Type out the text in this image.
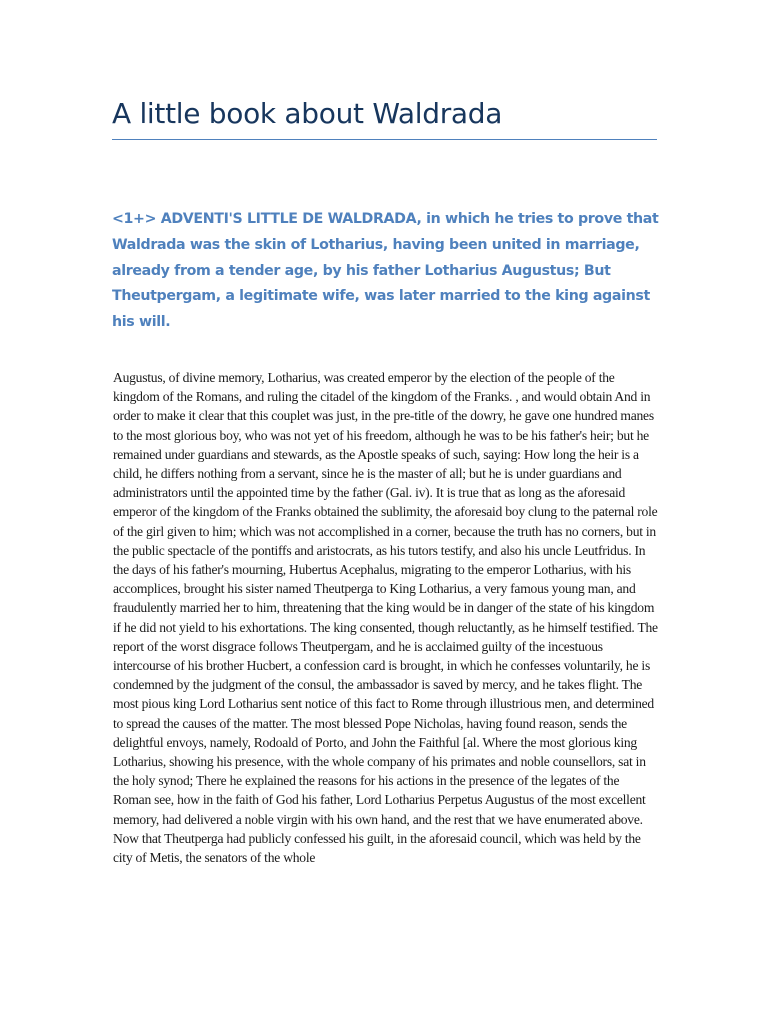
A little book about Waldrada
<1+> ADVENTI'S LITTLE DE WALDRADA, in which he tries to prove that Waldrada was the skin of Lotharius, having been united in marriage, already from a tender age, by his father Lotharius Augustus; But Theutpergam, a legitimate wife, was later married to the king against his will.

Augustus, of divine memory, Lotharius, was created emperor by the election of the people of the kingdom of the Romans, and ruling the citadel of the kingdom of the Franks. , and would obtain And in order to make it clear that this couplet was just, in the pre-title of the dowry, he gave one hundred manes to the most glorious boy, who was not yet of his freedom, although he was to be his father's heir; but he remained under guardians and stewards, as the Apostle speaks of such, saying: How long the heir is a child, he differs nothing from a servant, since he is the master of all; but he is under guardians and administrators until the appointed time by the father (Gal. iv). It is true that as long as the aforesaid emperor of the kingdom of the Franks obtained the sublimity, the aforesaid boy clung to the paternal role of the girl given to him; which was not accomplished in a corner, because the truth has no corners, but in the public spectacle of the pontiffs and aristocrats, as his tutors testify, and also his uncle Leutfridus. In the days of his father's mourning, Hubertus Acephalus, migrating to the emperor Lotharius, with his accomplices, brought his sister named Theutperga to King Lotharius, a very famous young man, and fraudulently married her to him, threatening that the king would be in danger of the state of his kingdom if he did not yield to his exhortations. The king consented, though reluctantly, as he himself testified. The report of the worst disgrace follows Theutpergam, and he is acclaimed guilty of the incestuous intercourse of his brother Hucbert, a confession card is brought, in which he confesses voluntarily, he is condemned by the judgment of the consul, the ambassador is saved by mercy, and he takes flight. The most pious king Lord Lotharius sent notice of this fact to Rome through illustrious men, and determined to spread the causes of the matter. The most blessed Pope Nicholas, having found reason, sends the delightful envoys, namely, Rodoald of Porto, and John the Faithful [al. Where the most glorious king Lotharius, showing his presence, with the whole company of his primates and noble counsellors, sat in the holy synod; There he explained the reasons for his actions in the presence of the legates of the Roman see, how in the faith of God his father, Lord Lotharius Perpetus Augustus of the most excellent memory, had delivered a noble virgin with his own hand, and the rest that we have enumerated above. Now that Theutperga had publicly confessed his guilt, in the aforesaid council, which was held by the city of Metis, the senators of the whole
